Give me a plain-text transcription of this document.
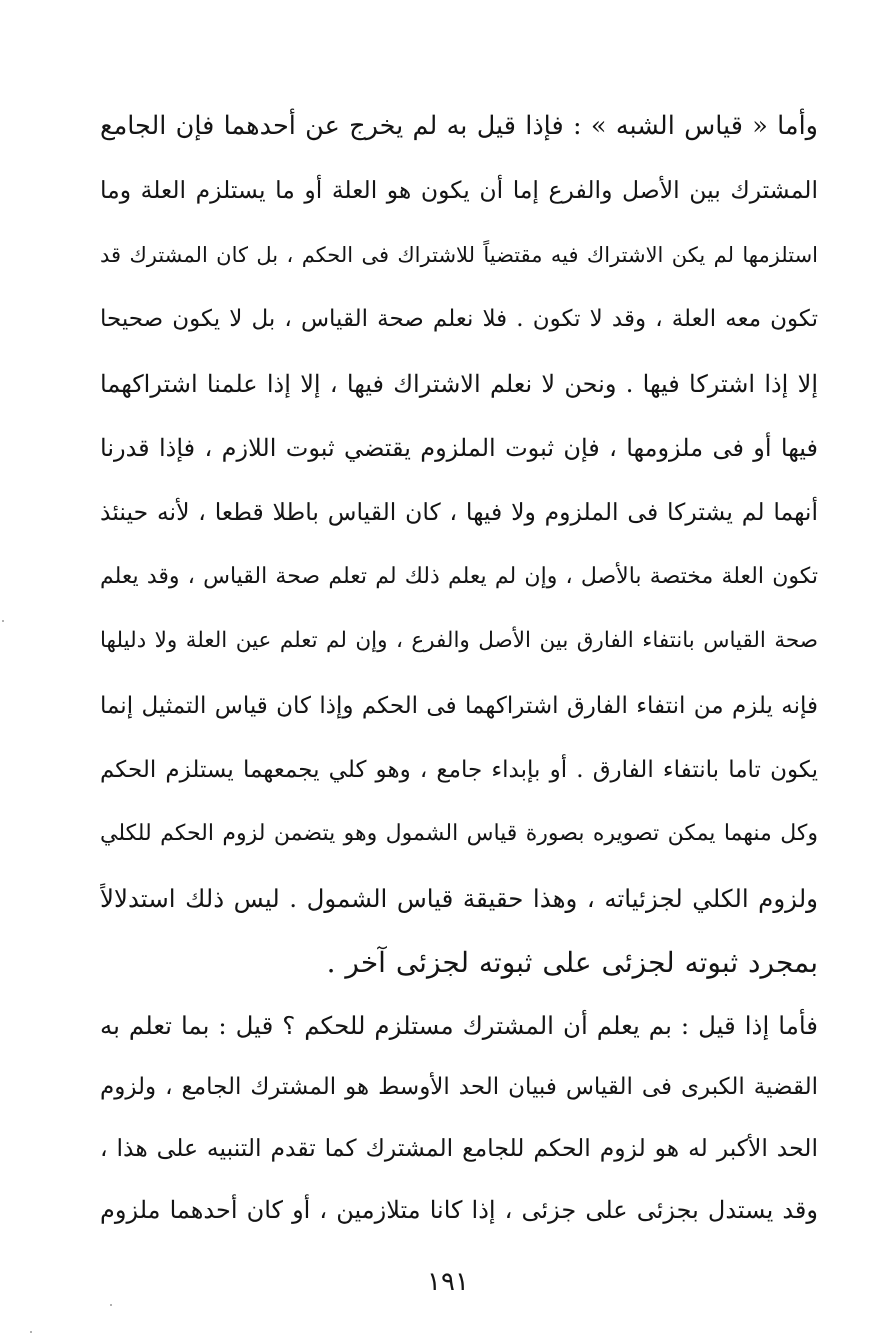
وأما « قياس الشبه » : فإذا قيل به لم يخرج عن أحدهما فإن الجامع
المشترك بين الأصل والفرع إما أن يكون هو العلة أو ما يستلزم العلة وما
استلزمها لم يكن الاشتراك فيه مقتضياً للاشتراك فى الحكم ، بل كان المشترك قد
تكون معه العلة ، وقد لا تكون . فلا نعلم صحة القياس ، بل لا يكون صحيحا
إلا إذا اشتركا فيها . ونحن لا نعلم الاشتراك فيها ، إلا إذا علمنا اشتراكهما
فيها أو فى ملزومها ، فإن ثبوت الملزوم يقتضي ثبوت اللازم ، فإذا قدرنا
أنهما لم يشتركا فى الملزوم ولا فيها ، كان القياس باطلا قطعا ، لأنه حينئذ
تكون العلة مختصة بالأصل ، وإن لم يعلم ذلك لم تعلم صحة القياس ، وقد يعلم
صحة القياس بانتفاء الفارق بين الأصل والفرع ، وإن لم تعلم عين العلة ولا دليلها
فإنه يلزم من انتفاء الفارق اشتراكهما فى الحكم وإذا كان قياس التمثيل إنما
يكون تاما بانتفاء الفارق . أو بإبداء جامع ، وهو كلي يجمعهما يستلزم الحكم
وكل منهما يمكن تصويره بصورة قياس الشمول وهو يتضمن لزوم الحكم للكلي
ولزوم الكلي لجزئياته ، وهذا حقيقة قياس الشمول . ليس ذلك استدلالاً
بمجرد ثبوته لجزئى على ثبوته لجزئى آخر .
فأما إذا قيل : بم يعلم أن المشترك مستلزم للحكم ؟ قيل : بما تعلم به
القضية الكبرى فى القياس فبيان الحد الأوسط هو المشترك الجامع ، ولزوم
الحد الأكبر له هو لزوم الحكم للجامع المشترك كما تقدم التنبيه على هذا ،
وقد يستدل بجزئى على جزئى ، إذا كانا متلازمين ، أو كان أحدهما ملزوم
١٩١
